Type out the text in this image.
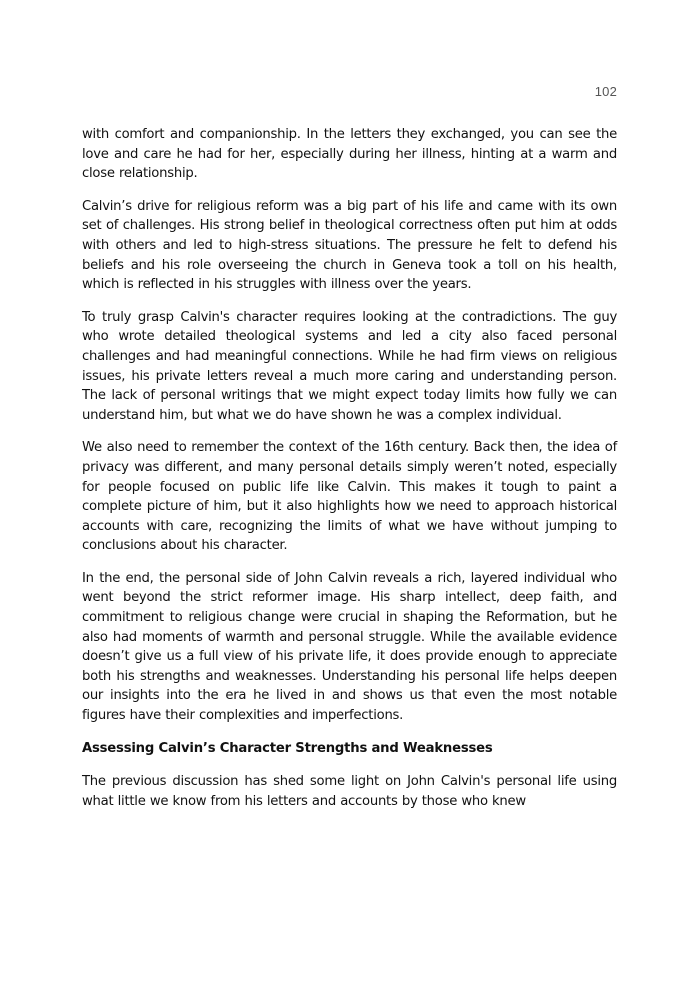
102

with comfort and companionship. In the letters they exchanged, you can see the love and care he had for her, especially during her illness, hinting at a warm and close relationship.

Calvin’s drive for religious reform was a big part of his life and came with its own set of challenges. His strong belief in theological correctness often put him at odds with others and led to high-stress situations. The pressure he felt to defend his beliefs and his role overseeing the church in Geneva took a toll on his health, which is reflected in his struggles with illness over the years.

To truly grasp Calvin's character requires looking at the contradictions. The guy who wrote detailed theological systems and led a city also faced personal challenges and had meaningful connections. While he had firm views on religious issues, his private letters reveal a much more caring and understanding person. The lack of personal writings that we might expect today limits how fully we can understand him, but what we do have shown he was a complex individual.

We also need to remember the context of the 16th century. Back then, the idea of privacy was different, and many personal details simply weren’t noted, especially for people focused on public life like Calvin. This makes it tough to paint a complete picture of him, but it also highlights how we need to approach historical accounts with care, recognizing the limits of what we have without jumping to conclusions about his character.

In the end, the personal side of John Calvin reveals a rich, layered individual who went beyond the strict reformer image. His sharp intellect, deep faith, and commitment to religious change were crucial in shaping the Reformation, but he also had moments of warmth and personal struggle. While the available evidence doesn’t give us a full view of his private life, it does provide enough to appreciate both his strengths and weaknesses. Understanding his personal life helps deepen our insights into the era he lived in and shows us that even the most notable figures have their complexities and imperfections.

Assessing Calvin’s Character Strengths and Weaknesses

The previous discussion has shed some light on John Calvin's personal life using what little we know from his letters and accounts by those who knew
